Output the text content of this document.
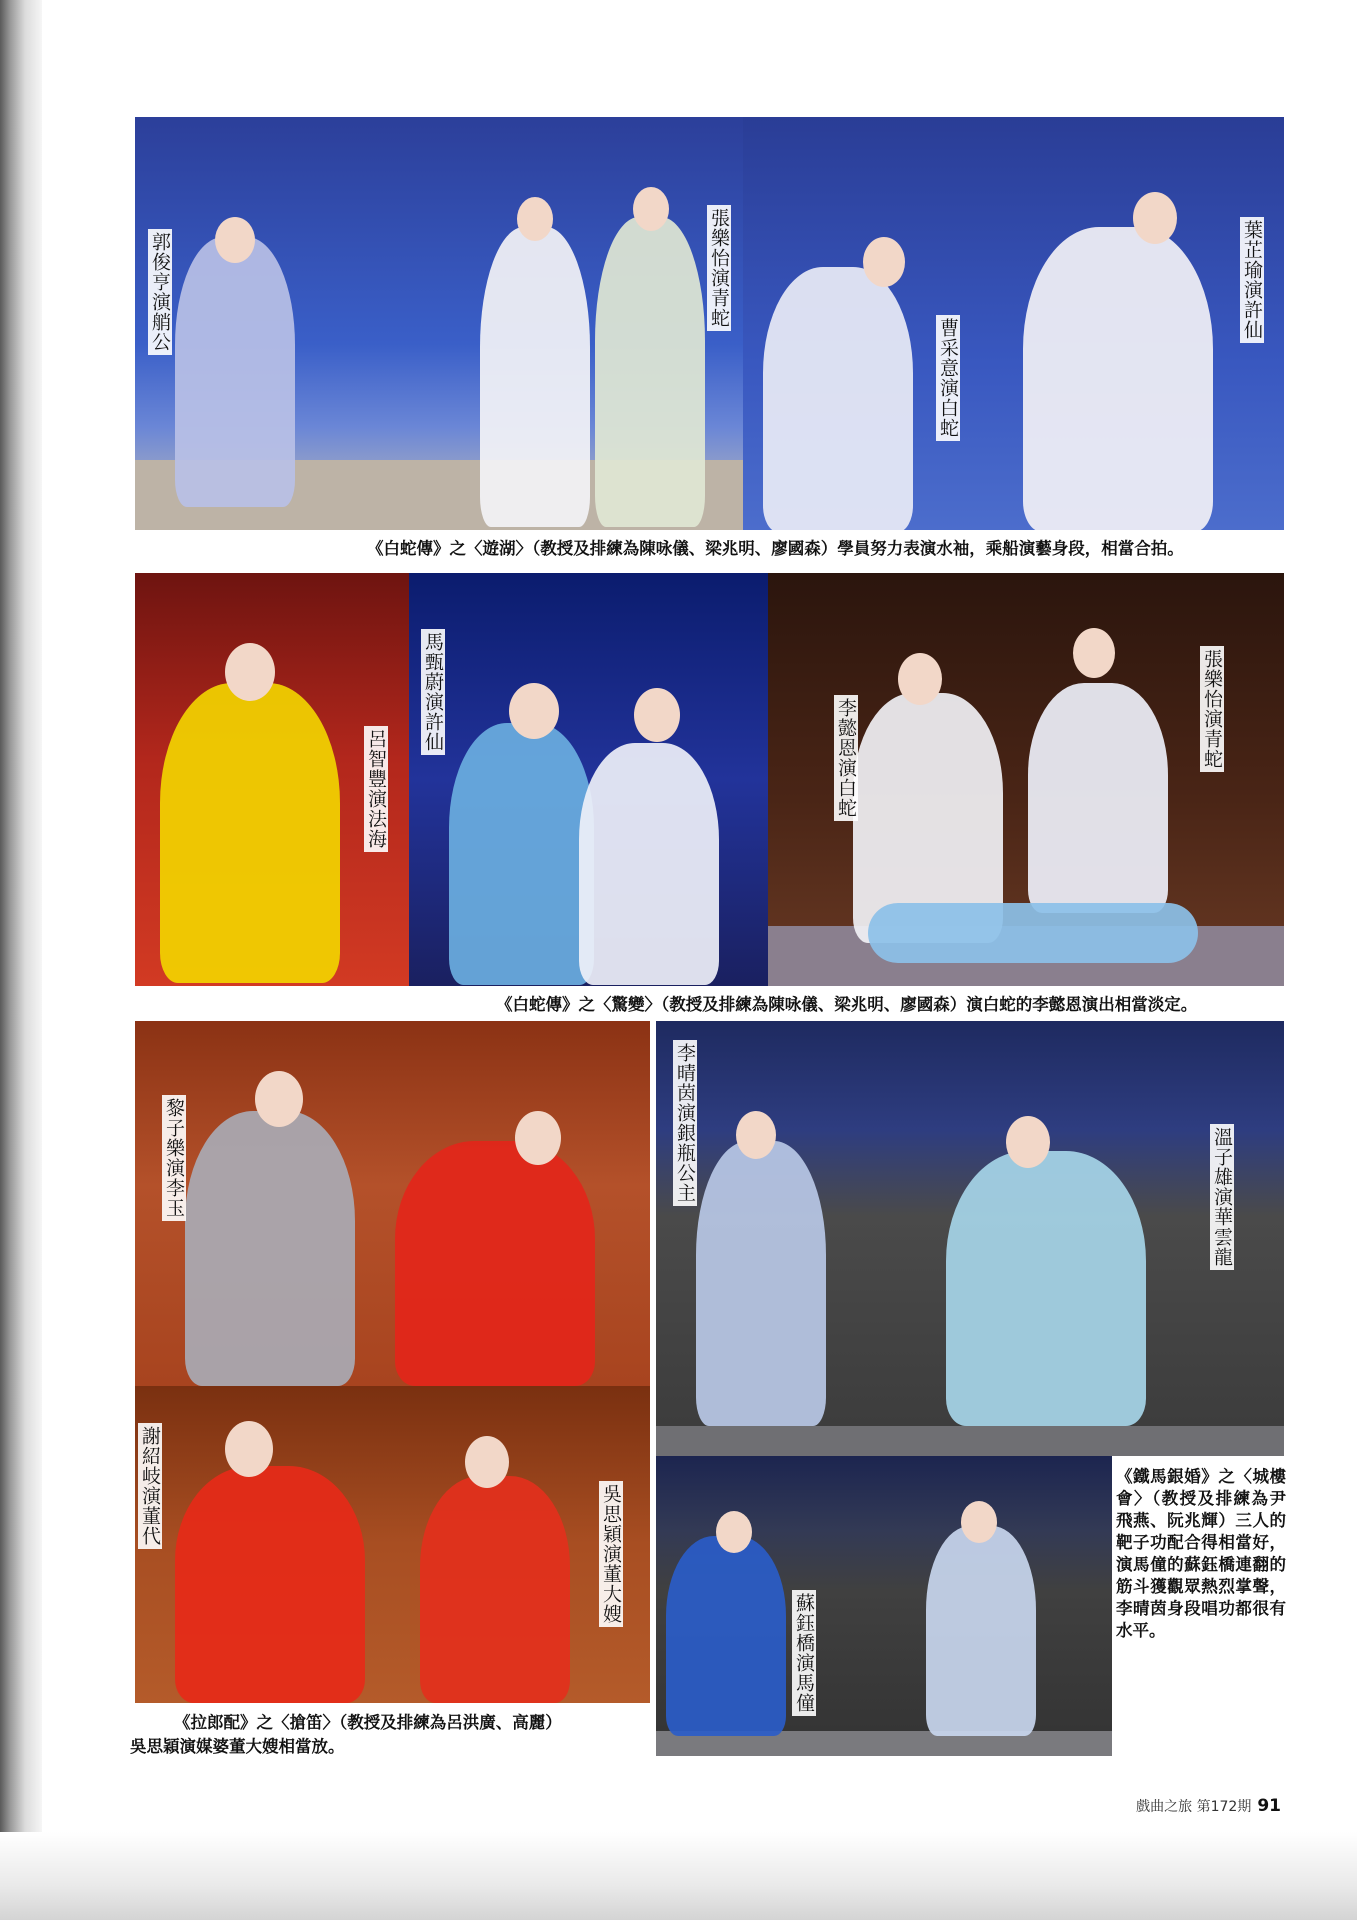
郭俊亨演艄公	張樂怡演青蛇	葉芷瑜演許仙
曹采意演白蛇
《白蛇傳》之〈遊湖〉（教授及排練為陳咏儀、梁兆明、廖國森）學員努力表演水袖，乘船演藝身段，相當合拍。
呂智豐演法海
馬甄蔚演許仙
李懿恩演白蛇	張樂怡演青蛇
《白蛇傳》之〈驚變〉（教授及排練為陳咏儀、梁兆明、廖國森）演白蛇的李懿恩演出相當淡定。
黎子樂演李玉
謝紹岐演董代	吳思穎演董大嫂
《拉郎配》之〈搶笛〉（教授及排練為呂洪廣、高麗）
吳思穎演媒婆董大嫂相當放。
李晴茵演銀瓶公主	溫子雄演華雲龍
蘇鈺橋演馬僮
《鐵馬銀婚》之〈城樓會〉（教授及排練為尹飛燕、阮兆輝）三人的靶子功配合得相當好，演馬僮的蘇鈺橋連翻的筋斗獲觀眾熱烈掌聲，李晴茵身段唱功都很有水平。
戲曲之旅 第172期 91
